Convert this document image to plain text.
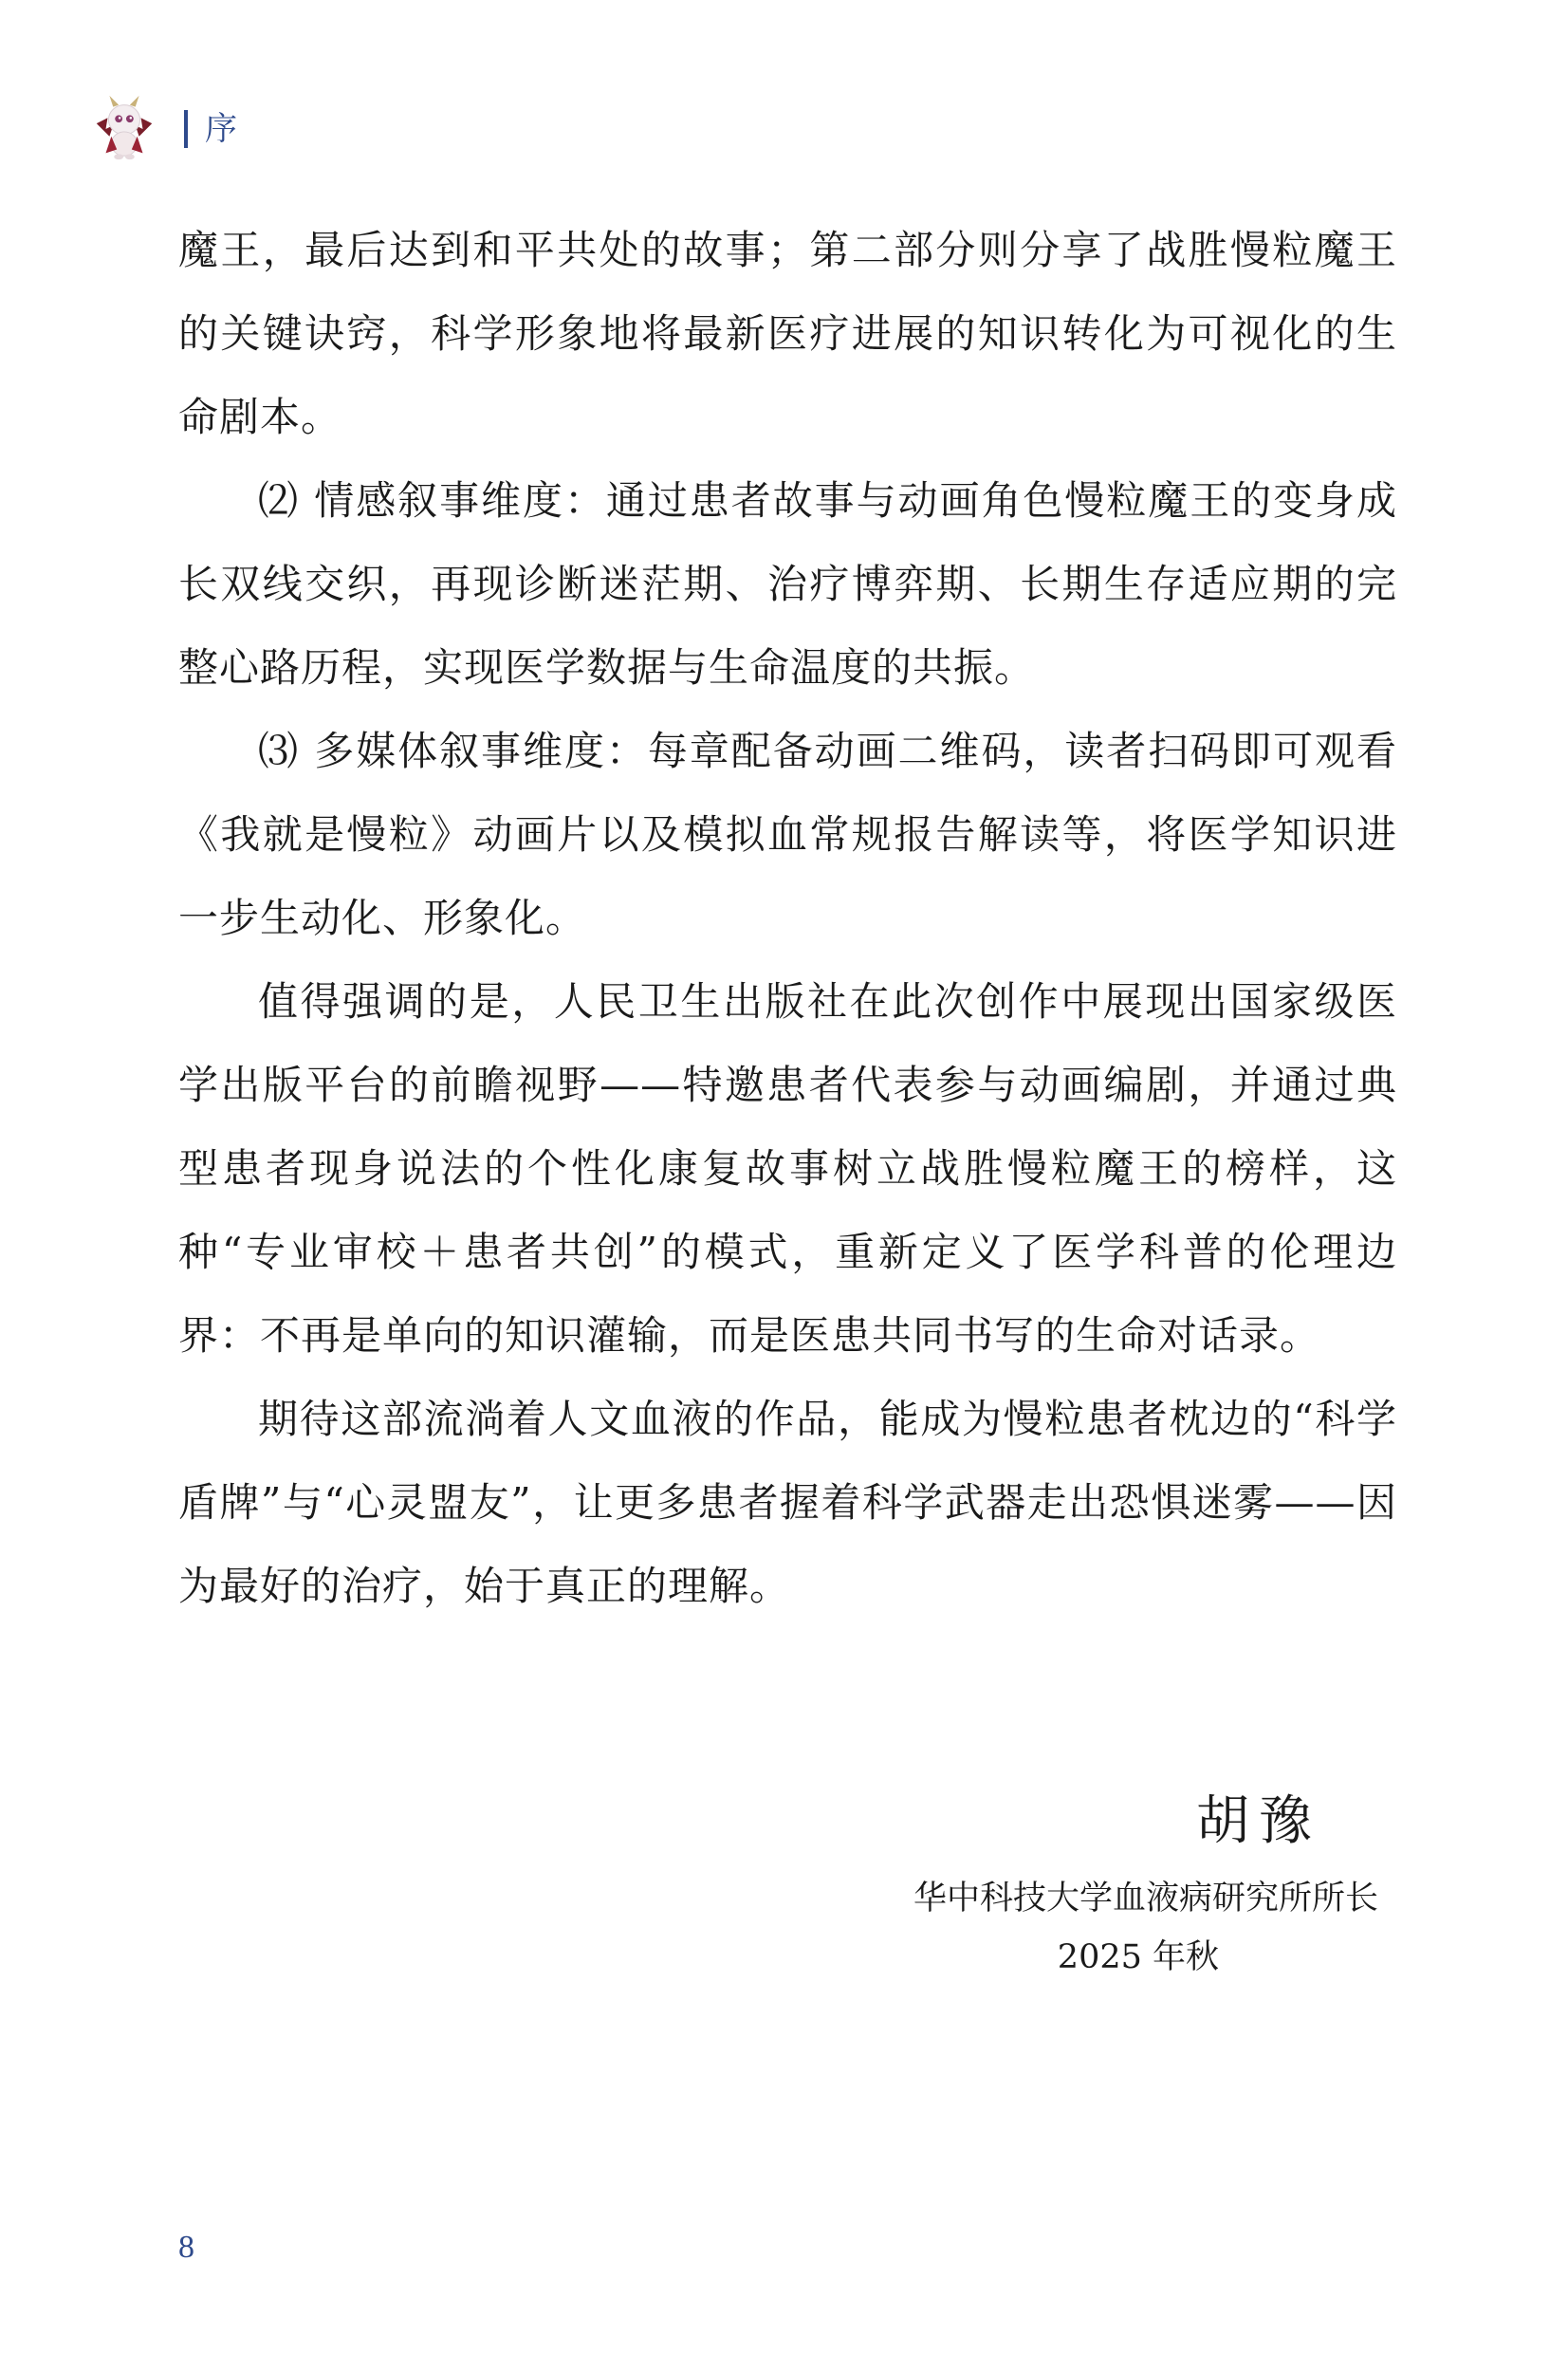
序

魔王，最后达到和平共处的故事；第二部分则分享了战胜慢粒魔王的关键诀窍，科学形象地将最新医疗进展的知识转化为可视化的生命剧本。

⑵ 情感叙事维度：通过患者故事与动画角色慢粒魔王的变身成长双线交织，再现诊断迷茫期、治疗博弈期、长期生存适应期的完整心路历程，实现医学数据与生命温度的共振。

⑶ 多媒体叙事维度：每章配备动画二维码，读者扫码即可观看《我就是慢粒》动画片以及模拟血常规报告解读等，将医学知识进一步生动化、形象化。

值得强调的是，人民卫生出版社在此次创作中展现出国家级医学出版平台的前瞻视野——特邀患者代表参与动画编剧，并通过典型患者现身说法的个性化康复故事树立战胜慢粒魔王的榜样，这种“专业审校＋患者共创”的模式，重新定义了医学科普的伦理边界：不再是单向的知识灌输，而是医患共同书写的生命对话录。

期待这部流淌着人文血液的作品，能成为慢粒患者枕边的“科学盾牌”与“心灵盟友”，让更多患者握着科学武器走出恐惧迷雾——因为最好的治疗，始于真正的理解。

胡豫
华中科技大学血液病研究所所长
2025 年秋
8
